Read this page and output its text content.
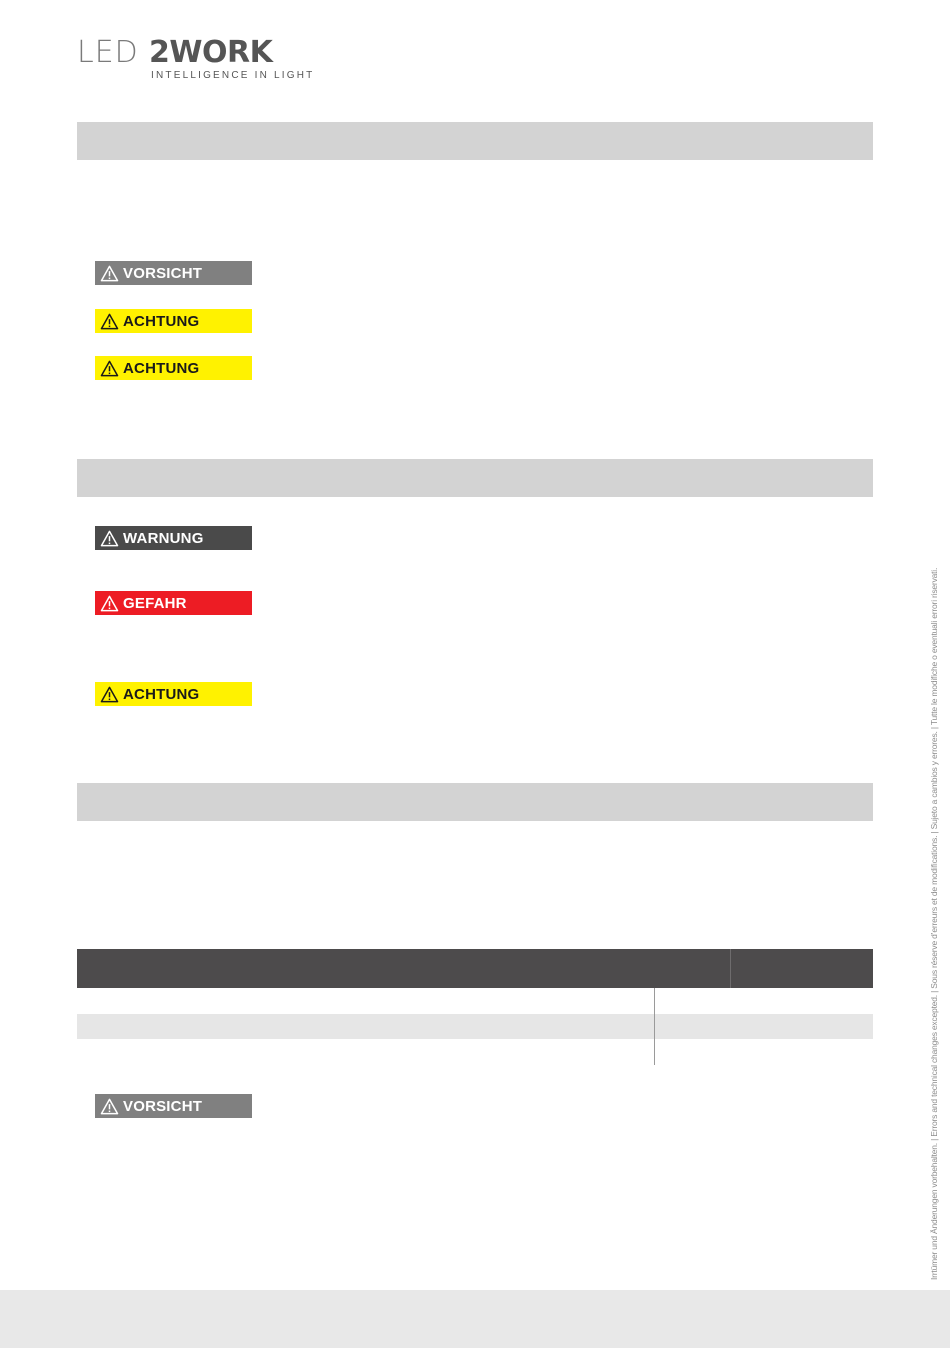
LED 2WORK
INTELLIGENCE IN LIGHT
VORSICHT
ACHTUNG
ACHTUNG
WARNUNG
GEFAHR
ACHTUNG
VORSICHT	Irrtümer und Änderungen vorbehalten. | Errors and technical changes excepted. | Sous réserve d’erreurs et de modifications. | Sujeto a cambios y errores. | Tutte le modifiche o eventuali errori riservati.
